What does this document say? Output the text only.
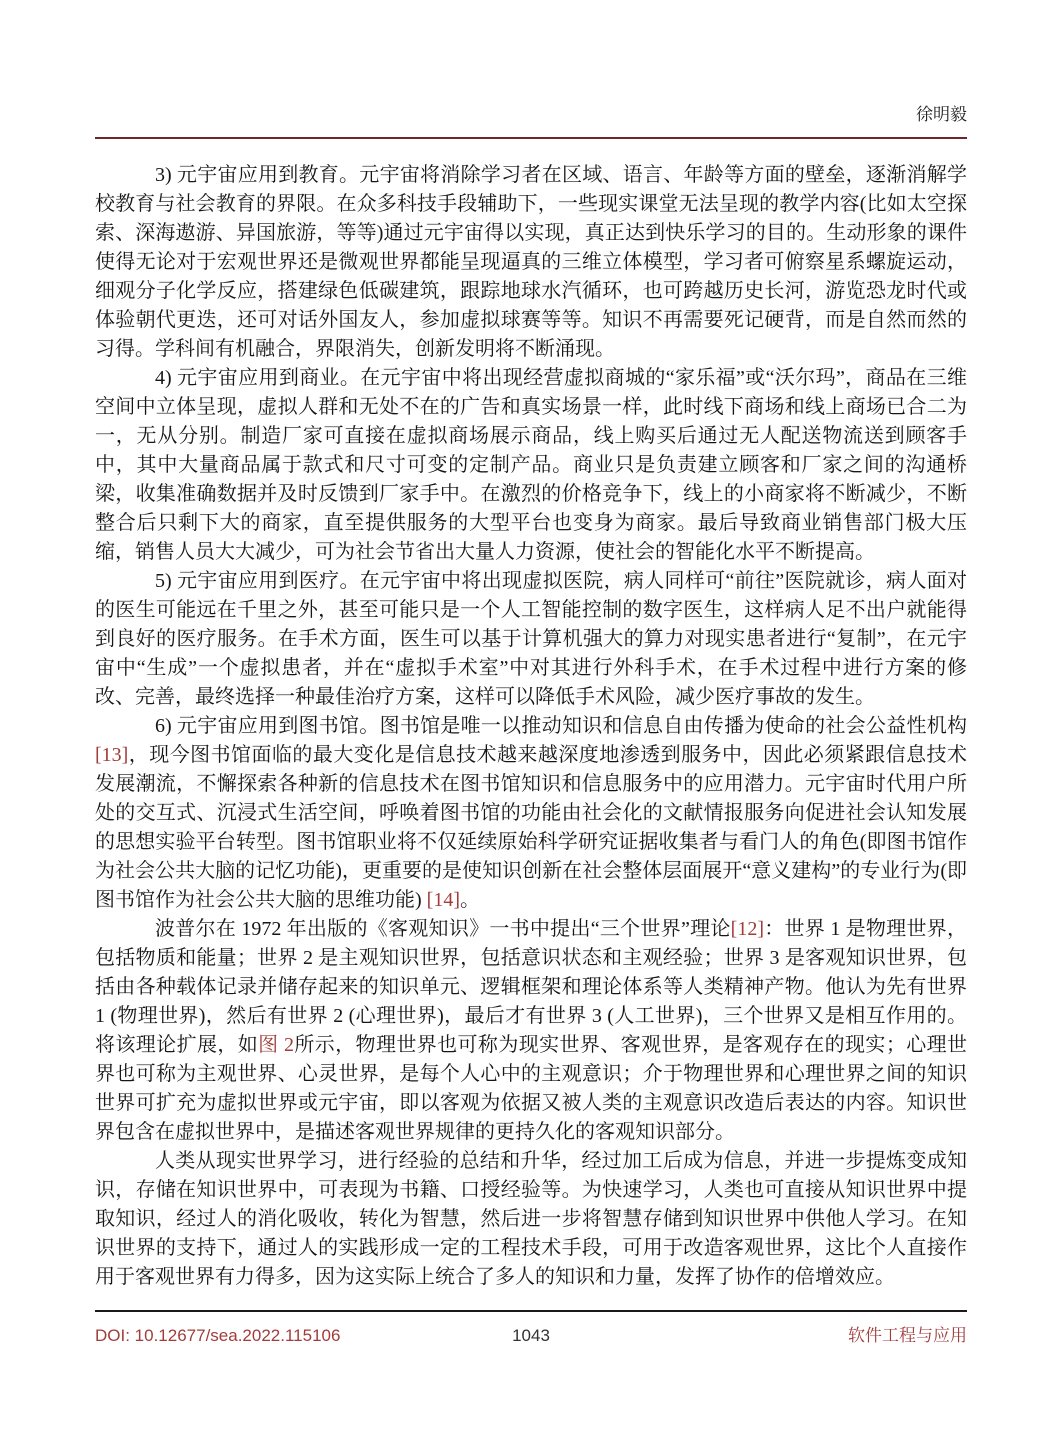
徐明毅

3) 元宇宙应用到教育。元宇宙将消除学习者在区域、语言、年龄等方面的壁垒，逐渐消解学校教育与社会教育的界限。在众多科技手段辅助下，一些现实课堂无法呈现的教学内容(比如太空探索、深海遨游、异国旅游，等等)通过元宇宙得以实现，真正达到快乐学习的目的。生动形象的课件使得无论对于宏观世界还是微观世界都能呈现逼真的三维立体模型，学习者可俯察星系螺旋运动，细观分子化学反应，搭建绿色低碳建筑，跟踪地球水汽循环，也可跨越历史长河，游览恐龙时代或体验朝代更迭，还可对话外国友人，参加虚拟球赛等等。知识不再需要死记硬背，而是自然而然的习得。学科间有机融合，界限消失，创新发明将不断涌现。

4) 元宇宙应用到商业。在元宇宙中将出现经营虚拟商城的“家乐福”或“沃尔玛”，商品在三维空间中立体呈现，虚拟人群和无处不在的广告和真实场景一样，此时线下商场和线上商场已合二为一，无从分别。制造厂家可直接在虚拟商场展示商品，线上购买后通过无人配送物流送到顾客手中，其中大量商品属于款式和尺寸可变的定制产品。商业只是负责建立顾客和厂家之间的沟通桥梁，收集准确数据并及时反馈到厂家手中。在激烈的价格竞争下，线上的小商家将不断减少，不断整合后只剩下大的商家，直至提供服务的大型平台也变身为商家。最后导致商业销售部门极大压缩，销售人员大大减少，可为社会节省出大量人力资源，使社会的智能化水平不断提高。

5) 元宇宙应用到医疗。在元宇宙中将出现虚拟医院，病人同样可“前往”医院就诊，病人面对的医生可能远在千里之外，甚至可能只是一个人工智能控制的数字医生，这样病人足不出户就能得到良好的医疗服务。在手术方面，医生可以基于计算机强大的算力对现实患者进行“复制”，在元宇宙中“生成”一个虚拟患者，并在“虚拟手术室”中对其进行外科手术，在手术过程中进行方案的修改、完善，最终选择一种最佳治疗方案，这样可以降低手术风险，减少医疗事故的发生。

6) 元宇宙应用到图书馆。图书馆是唯一以推动知识和信息自由传播为使命的社会公益性机构[13]，现今图书馆面临的最大变化是信息技术越来越深度地渗透到服务中，因此必须紧跟信息技术发展潮流，不懈探索各种新的信息技术在图书馆知识和信息服务中的应用潜力。元宇宙时代用户所处的交互式、沉浸式生活空间，呼唤着图书馆的功能由社会化的文献情报服务向促进社会认知发展的思想实验平台转型。图书馆职业将不仅延续原始科学研究证据收集者与看门人的角色(即图书馆作为社会公共大脑的记忆功能)，更重要的是使知识创新在社会整体层面展开“意义建构”的专业行为(即图书馆作为社会公共大脑的思维功能) [14]。

波普尔在 1972 年出版的《客观知识》一书中提出“三个世界”理论[12]：世界 1 是物理世界，包括物质和能量；世界 2 是主观知识世界，包括意识状态和主观经验；世界 3 是客观知识世界，包括由各种载体记录并储存起来的知识单元、逻辑框架和理论体系等人类精神产物。他认为先有世界 1 (物理世界)，然后有世界 2 (心理世界)，最后才有世界 3 (人工世界)，三个世界又是相互作用的。将该理论扩展，如图 2所示，物理世界也可称为现实世界、客观世界，是客观存在的现实；心理世界也可称为主观世界、心灵世界，是每个人心中的主观意识；介于物理世界和心理世界之间的知识世界可扩充为虚拟世界或元宇宙，即以客观为依据又被人类的主观意识改造后表达的内容。知识世界包含在虚拟世界中，是描述客观世界规律的更持久化的客观知识部分。

人类从现实世界学习，进行经验的总结和升华，经过加工后成为信息，并进一步提炼变成知识，存储在知识世界中，可表现为书籍、口授经验等。为快速学习，人类也可直接从知识世界中提取知识，经过人的消化吸收，转化为智慧，然后进一步将智慧存储到知识世界中供他人学习。在知识世界的支持下，通过人的实践形成一定的工程技术手段，可用于改造客观世界，这比个人直接作用于客观世界有力得多，因为这实际上统合了多人的知识和力量，发挥了协作的倍增效应。

DOI: 10.12677/sea.2022.115106	1043	软件工程与应用
